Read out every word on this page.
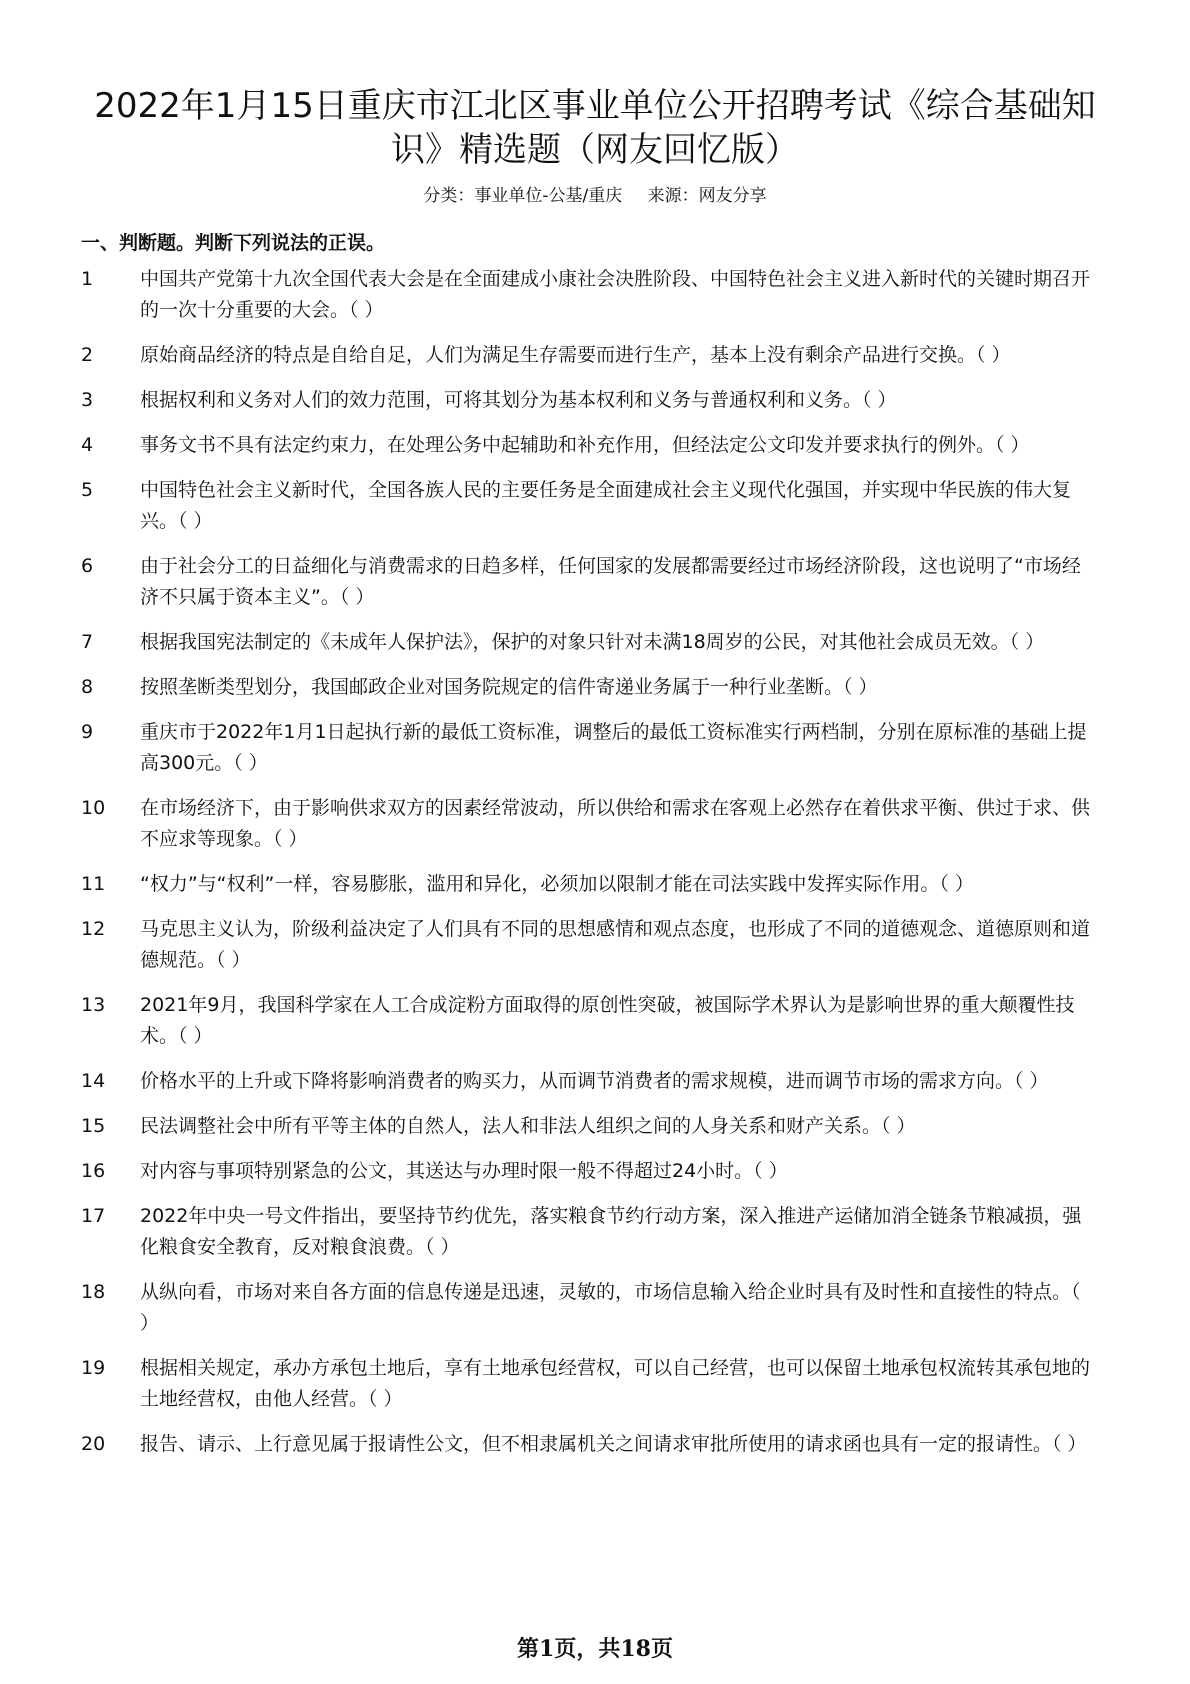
2022年1月15日重庆市江北区事业单位公开招聘考试《综合基础知识》精选题（网友回忆版）
分类：事业单位-公基/重庆 来源：网友分享
一、判断题。判断下列说法的正误。
1	中国共产党第十九次全国代表大会是在全面建成小康社会决胜阶段、中国特色社会主义进入新时代的关键时期召开的一次十分重要的大会。（ ）
2	原始商品经济的特点是自给自足，人们为满足生存需要而进行生产，基本上没有剩余产品进行交换。（ ）
3	根据权利和义务对人们的效力范围，可将其划分为基本权利和义务与普通权利和义务。（ ）
4	事务文书不具有法定约束力，在处理公务中起辅助和补充作用，但经法定公文印发并要求执行的例外。（ ）
5	中国特色社会主义新时代，全国各族人民的主要任务是全面建成社会主义现代化强国，并实现中华民族的伟大复兴。（ ）
6	由于社会分工的日益细化与消费需求的日趋多样，任何国家的发展都需要经过市场经济阶段，这也说明了“市场经济不只属于资本主义”。（ ）
7	根据我国宪法制定的《未成年人保护法》，保护的对象只针对未满18周岁的公民，对其他社会成员无效。（ ）
8	按照垄断类型划分，我国邮政企业对国务院规定的信件寄递业务属于一种行业垄断。（ ）
9	重庆市于2022年1月1日起执行新的最低工资标准，调整后的最低工资标准实行两档制，分别在原标准的基础上提高300元。（ ）
10	在市场经济下，由于影响供求双方的因素经常波动，所以供给和需求在客观上必然存在着供求平衡、供过于求、供不应求等现象。（ ）
11	“权力”与“权利”一样，容易膨胀，滥用和异化，必须加以限制才能在司法实践中发挥实际作用。（ ）
12	马克思主义认为，阶级利益决定了人们具有不同的思想感情和观点态度，也形成了不同的道德观念、道德原则和道德规范。（ ）
13	2021年9月，我国科学家在人工合成淀粉方面取得的原创性突破，被国际学术界认为是影响世界的重大颠覆性技术。（ ）
14	价格水平的上升或下降将影响消费者的购买力，从而调节消费者的需求规模，进而调节市场的需求方向。（ ）
15	民法调整社会中所有平等主体的自然人，法人和非法人组织之间的人身关系和财产关系。（ ）
16	对内容与事项特别紧急的公文，其送达与办理时限一般不得超过24小时。（ ）
17	2022年中央一号文件指出，要坚持节约优先，落实粮食节约行动方案，深入推进产运储加消全链条节粮减损，强化粮食安全教育，反对粮食浪费。（ ）
18	从纵向看，市场对来自各方面的信息传递是迅速，灵敏的，市场信息输入给企业时具有及时性和直接性的特点。（ ）
19	根据相关规定，承办方承包土地后，享有土地承包经营权，可以自己经营，也可以保留土地承包权流转其承包地的土地经营权，由他人经营。（ ）
20	报告、请示、上行意见属于报请性公文，但不相隶属机关之间请求审批所使用的请求函也具有一定的报请性。（ ）
第1页，共18页
